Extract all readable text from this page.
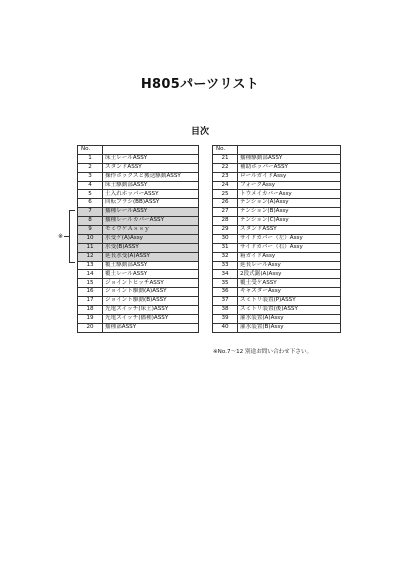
H805パーツリスト
目次
No.	
1	床土レールASSY
2	スタンドASSY
3	操作ボックスと搬送駆動ASSY
4	床土駆動部ASSY
5	土入れホッパーASSY
6	回転ブラシ(BB)ASSY
7	播種レールASSY
8	播種レールカバーASSY
9	モミウケＡｓｓｙ
10	水受ケ(A)Assy
11	水受(B)ASSY
12	延長水受(A)ASSY
13	覆土駆動部ASSY
14	覆土レールASSY
15	ジョイントヒッチASSY
16	ジョイント駆動(A)ASSY
17	ジョイント駆動(B)ASSY
18	光電スイッチ(床土)ASSY
19	光電スイッチ(播種)ASSY
20	播種部ASSY
No.	
21	播種駆動部ASSY
22	補助ホッパーASSY
23	ロールガイドAssy
24	フォークAssy
25	トウメイカバーAssy
26	テンション(A)Assy
27	テンション(B)Assy
28	テンション(C)Assy
29	スタンドASSY
30	サイドカバー（左）Assy
31	サイドカバー（右）Assy
32	箱ガイドAssy
33	延長レールAssy
34	2段式鋸(A)Assy
35	覆土受ケASSY
36	キャスターAssy
37	スミトリ装置(P)ASSY
38	スミトリ装置(後)ASSY
39	灌水装置(A)Assy
40	灌水装置(B)Assy
※
※No.7～12 別途お問い合わせ下さい。
